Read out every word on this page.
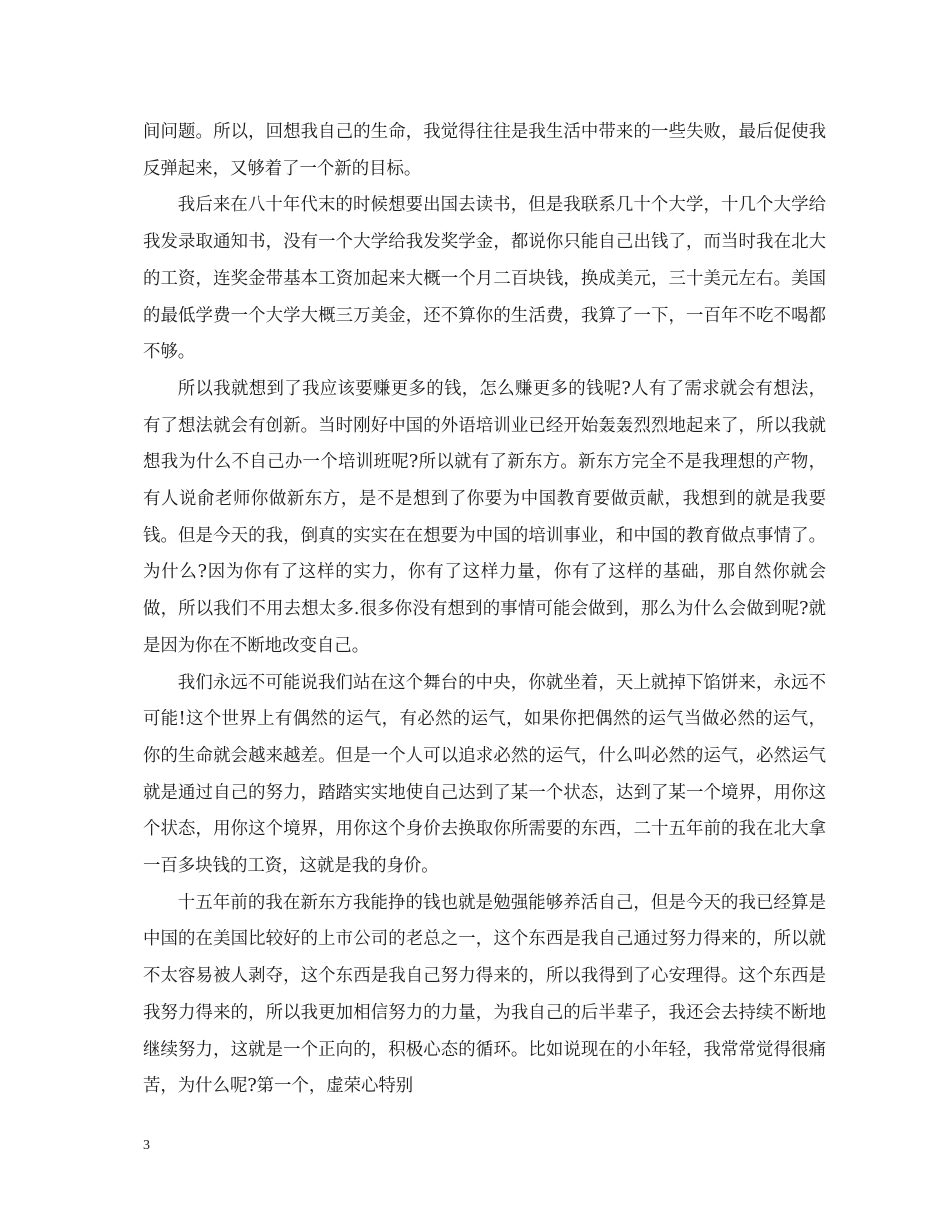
间问题。所以，回想我自己的生命，我觉得往往是我生活中带来的一些失败，最后促使我反弹起来，又够着了一个新的目标。

我后来在八十年代末的时候想要出国去读书，但是我联系几十个大学，十几个大学给我发录取通知书，没有一个大学给我发奖学金，都说你只能自己出钱了，而当时我在北大的工资，连奖金带基本工资加起来大概一个月二百块钱，换成美元，三十美元左右。美国的最低学费一个大学大概三万美金，还不算你的生活费，我算了一下，一百年不吃不喝都不够。

所以我就想到了我应该要赚更多的钱，怎么赚更多的钱呢?人有了需求就会有想法，有了想法就会有创新。当时刚好中国的外语培训业已经开始轰轰烈烈地起来了，所以我就想我为什么不自己办一个培训班呢?所以就有了新东方。新东方完全不是我理想的产物，有人说俞老师你做新东方，是不是想到了你要为中国教育要做贡献，我想到的就是我要钱。但是今天的我，倒真的实实在在想要为中国的培训事业，和中国的教育做点事情了。为什么?因为你有了这样的实力，你有了这样力量，你有了这样的基础，那自然你就会做，所以我们不用去想太多.很多你没有想到的事情可能会做到，那么为什么会做到呢?就是因为你在不断地改变自己。

我们永远不可能说我们站在这个舞台的中央，你就坐着，天上就掉下馅饼来，永远不可能!这个世界上有偶然的运气，有必然的运气，如果你把偶然的运气当做必然的运气，你的生命就会越来越差。但是一个人可以追求必然的运气，什么叫必然的运气，必然运气就是通过自己的努力，踏踏实实地使自己达到了某一个状态，达到了某一个境界，用你这个状态，用你这个境界，用你这个身价去换取你所需要的东西，二十五年前的我在北大拿一百多块钱的工资，这就是我的身价。

十五年前的我在新东方我能挣的钱也就是勉强能够养活自己，但是今天的我已经算是中国的在美国比较好的上市公司的老总之一，这个东西是我自己通过努力得来的，所以就不太容易被人剥夺，这个东西是我自己努力得来的，所以我得到了心安理得。这个东西是我努力得来的，所以我更加相信努力的力量，为我自己的后半辈子，我还会去持续不断地继续努力，这就是一个正向的，积极心态的循环。比如说现在的小年轻，我常常觉得很痛苦，为什么呢?第一个，虚荣心特别

3
